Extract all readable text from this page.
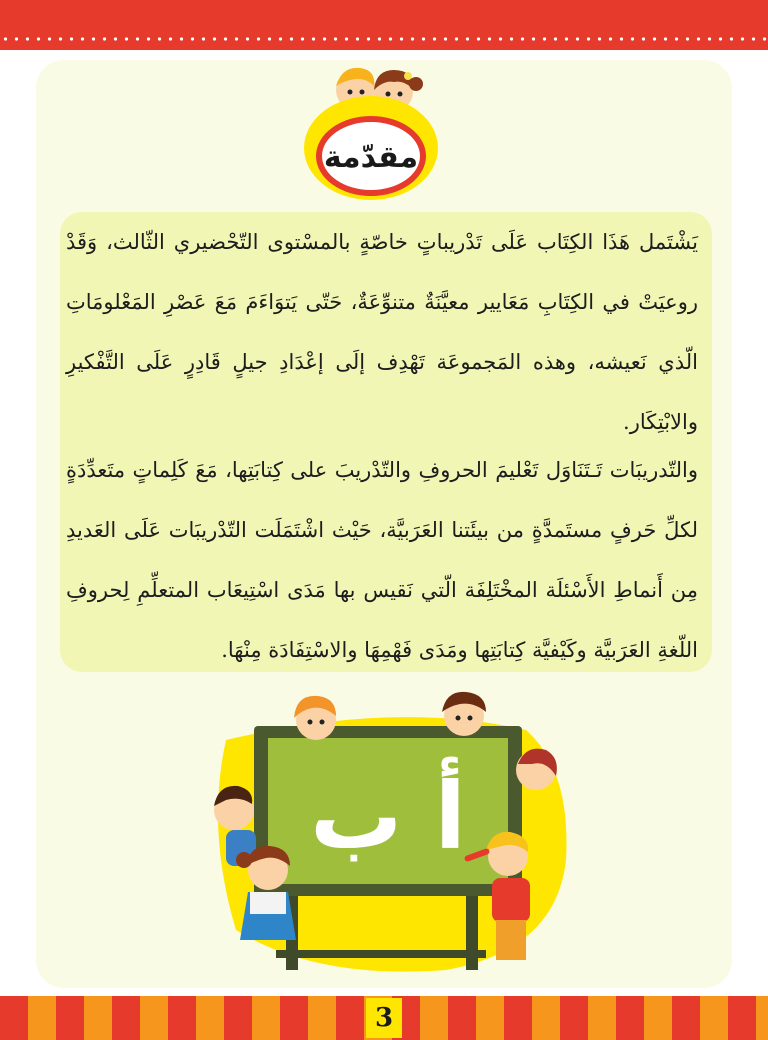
مقدّمة

يَشْتَمل هَذَا الكِتَاب عَلَى تَدْريباتٍ خاصّةٍ بالمسْتوى التّحْضيري الثّالث، وَقَدْ روعيَتْ في الكِتَابِ مَعَايير معيَّنَةٌ متنوِّعَةٌ، حَتّى يَتوَاءَمَ مَعَ عَصْرِ المَعْلومَاتِ الّذي نَعيشه، وهذه المَجموعَة تَهْدِف إلَى إعْدَادِ جيلٍ قَادِرٍ عَلَى التَّفْكيرِ والابْتِكَار.

والتّدريبَات تَـتَنَاوَل تَعْليمَ الحروفِ والتّدْريبَ على كِتابَتِها، مَعَ كَلِماتٍ متَعدِّدَةٍ لكلِّ حَرفٍ مستَمدَّةٍ من بيئَتنا العَرَبيَّة، حَيْث اشْتَمَلَت التّدْريبَات عَلَى العَديدِ مِن أَنماطِ الأَسْئلَة المخْتَلِفَة الّتي نَقيس بها مَدَى اسْتِيعَاب المتعلِّمِ لِحروفِ اللّغةِ العَرَبيَّة وكَيْفيَّة كِتابَتِها ومَدَى فَهْمِهَا والاسْتِفَادَة مِنْهَا.

أ ب
3
